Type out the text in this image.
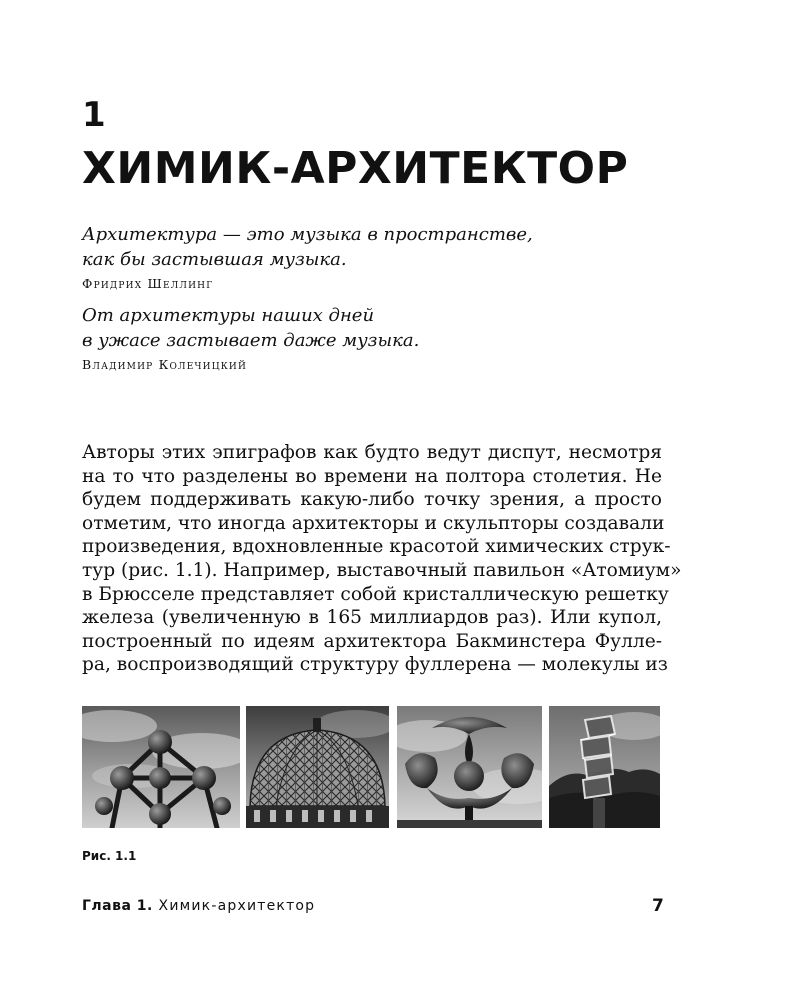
1
ХИМИК-АРХИТЕКТОР
Архитектура — это музыка в пространстве,
как бы застывшая музыка.
Фридрих Шеллинг
От архитектуры наших дней
в ужасе застывает даже музыка.
Владимир Колечицкий
Авторы этих эпиграфов как будто ведут диспут, несмотря
на то что разделены во времени на полтора столетия. Не
будем поддерживать какую-либо точку зрения, а просто
отметим, что иногда архитекторы и скульпторы создавали
произведения, вдохновленные красотой химических струк-
тур (рис. 1.1). Например, выставочный павильон «Атомиум»
в Брюсселе представляет собой кристаллическую решетку
железа (увеличенную в 165 миллиардов раз). Или купол,
построенный по идеям архитектора Бакминстера Фулле-
ра, воспроизводящий структуру фуллерена — молекулы из
Рис. 1.1
Глава 1. Химик-архитектор	7
